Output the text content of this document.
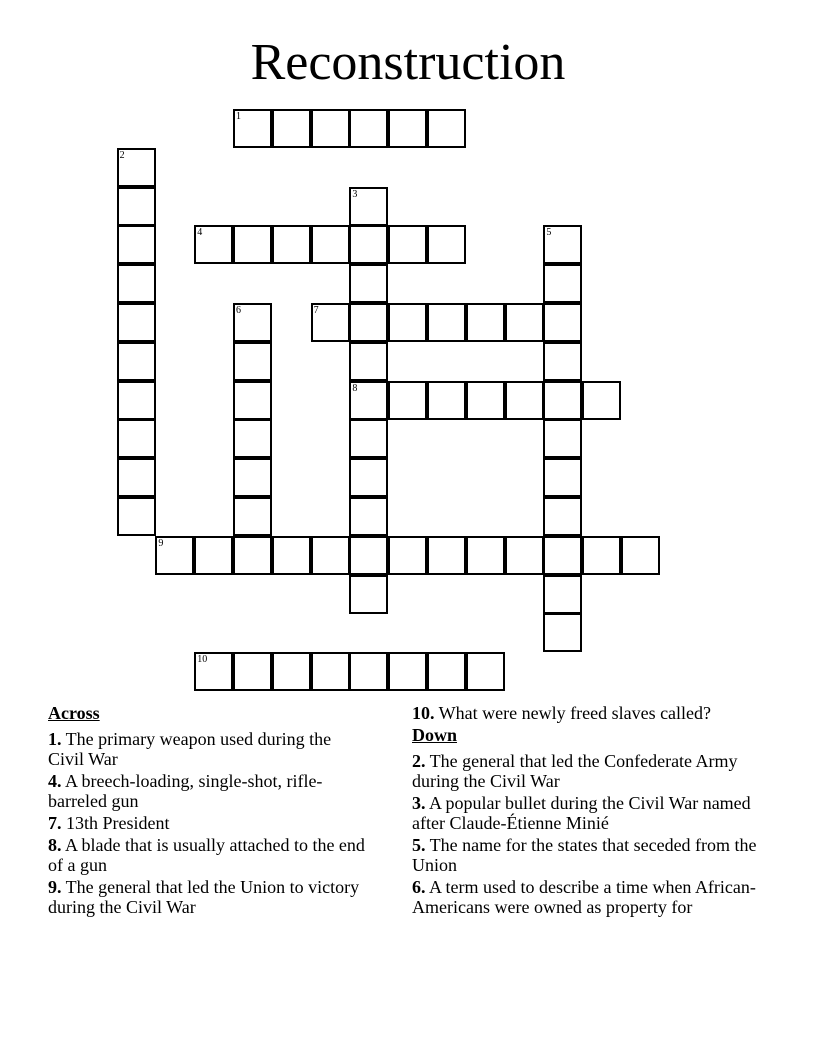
Reconstruction
1
2
3
8
4	5
6	7
9
10
Across
1. The primary weapon used during the Civil War
4. A breech-loading, single-shot, rifle-barreled gun
7. 13th President
8. A blade that is usually attached to the end of a gun
9. The general that led the Union to victory during the Civil War
10. What were newly freed slaves called?
Down
2. The general that led the Confederate Army during the Civil War
3. A popular bullet during the Civil War named after Claude-Étienne Minié
5. The name for the states that seceded from the Union
6. A term used to describe a time when African-Americans were owned as property for
